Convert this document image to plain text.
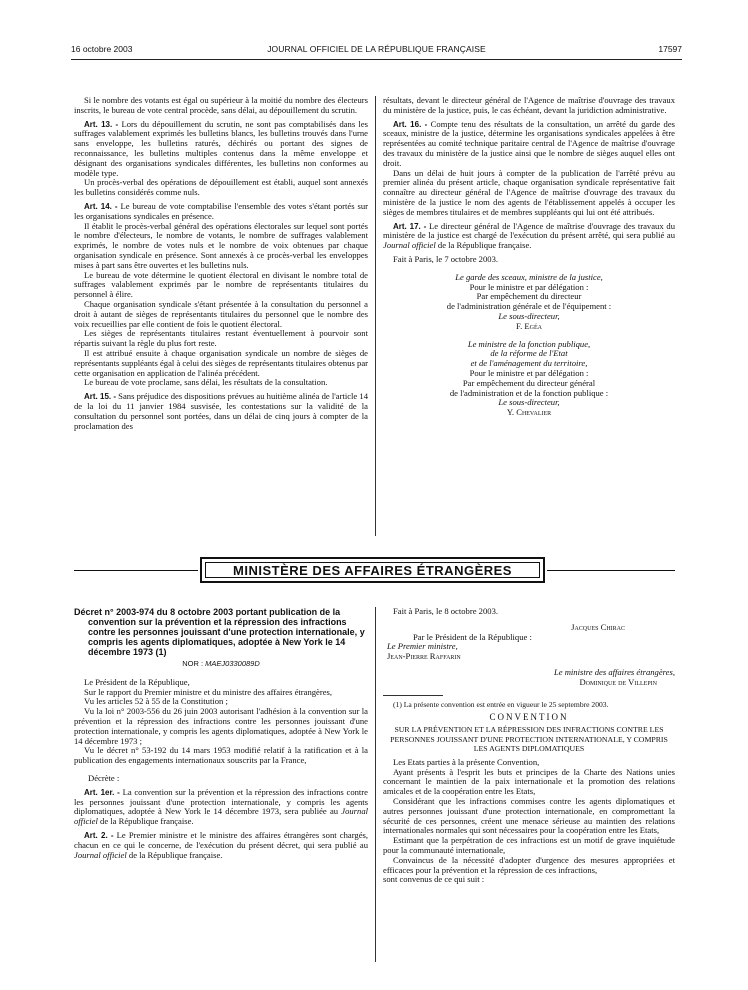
16 octobre 2003	JOURNAL OFFICIEL DE LA RÉPUBLIQUE FRANÇAISE	17597

Si le nombre des votants est égal ou supérieur à la moitié du nombre des électeurs inscrits, le bureau de vote central procède, sans délai, au dépouillement du scrutin.

Art. 13. - Lors du dépouillement du scrutin, ne sont pas comptabilisés dans les suffrages valablement exprimés les bulletins blancs, les bulletins trouvés dans l'urne sans enveloppe, les bulletins raturés, déchirés ou portant des signes de reconnaissance, les bulletins multiples contenus dans la même enveloppe et désignant des organisations syndicales différentes, les bulletins non conformes au modèle type.

Un procès-verbal des opérations de dépouillement est établi, auquel sont annexés les bulletins considérés comme nuls.

Art. 14. - Le bureau de vote comptabilise l'ensemble des votes s'étant portés sur les organisations syndicales en présence.

Il établit le procès-verbal général des opérations électorales sur lequel sont portés le nombre d'électeurs, le nombre de votants, le nombre de suffrages valablement exprimés, le nombre de votes nuls et le nombre de voix obtenues par chaque organisation syndicale en présence. Sont annexés à ce procès-verbal les enveloppes mises à part sans être ouvertes et les bulletins nuls.

Le bureau de vote détermine le quotient électoral en divisant le nombre total de suffrages valablement exprimés par le nombre de représentants titulaires du personnel à élire.

Chaque organisation syndicale s'étant présentée à la consultation du personnel a droit à autant de sièges de représentants titulaires du personnel que le nombre des voix recueillies par elle contient de fois le quotient électoral.

Les sièges de représentants titulaires restant éventuellement à pourvoir sont répartis suivant la règle du plus fort reste.

Il est attribué ensuite à chaque organisation syndicale un nombre de sièges de représentants suppléants égal à celui des sièges de représentants titulaires obtenus par cette organisation en application de l'alinéa précédent.

Le bureau de vote proclame, sans délai, les résultats de la consultation.

Art. 15. - Sans préjudice des dispositions prévues au huitième alinéa de l'article 14 de la loi du 11 janvier 1984 susvisée, les contestations sur la validité de la consultation du personnel sont portées, dans un délai de cinq jours à compter de la proclamation des

résultats, devant le directeur général de l'Agence de maîtrise d'ouvrage des travaux du ministère de la justice, puis, le cas échéant, devant la juridiction administrative.

Art. 16. - Compte tenu des résultats de la consultation, un arrêté du garde des sceaux, ministre de la justice, détermine les organisations syndicales appelées à être représentées au comité technique paritaire central de l'Agence de maîtrise d'ouvrage des travaux du ministère de la justice ainsi que le nombre de sièges auquel elles ont droit.

Dans un délai de huit jours à compter de la publication de l'arrêté prévu au premier alinéa du présent article, chaque organisation syndicale représentative fait connaître au directeur général de l'Agence de maîtrise d'ouvrage des travaux du ministère de la justice le nom des agents de l'établissement appelés à occuper les sièges de membres titulaires et de membres suppléants qui lui ont été attribués.

Art. 17. - Le directeur général de l'Agence de maîtrise d'ouvrage des travaux du ministère de la justice est chargé de l'exécution du présent arrêté, qui sera publié au Journal officiel de la République française.

Fait à Paris, le 7 octobre 2003.

Le garde des sceaux, ministre de la justice,
Pour le ministre et par délégation :
Par empêchement du directeur
de l'administration générale et de l'équipement :
Le sous-directeur,
F. Egéa
Le ministre de la fonction publique,
de la réforme de l'Etat
et de l'aménagement du territoire,
Pour le ministre et par délégation :
Par empêchement du directeur général
de l'administration et de la fonction publique :
Le sous-directeur,
Y. Chevalier
MINISTÈRE DES AFFAIRES ÉTRANGÈRES
Décret n° 2003-974 du 8 octobre 2003 portant publication de la convention sur la prévention et la répression des infractions contre les personnes jouissant d'une protection internationale, y compris les agents diplomatiques, adoptée à New York le 14 décembre 1973 (1)
NOR : MAEJ0330089D

Le Président de la République,

Sur le rapport du Premier ministre et du ministre des affaires étrangères,

Vu les articles 52 à 55 de la Constitution ;

Vu la loi n° 2003-556 du 26 juin 2003 autorisant l'adhésion à la convention sur la prévention et la répression des infractions contre les personnes jouissant d'une protection internationale, y compris les agents diplomatiques, adoptée à New York le 14 décembre 1973 ;

Vu le décret n° 53-192 du 14 mars 1953 modifié relatif à la ratification et à la publication des engagements internationaux souscrits par la France,

Décrète :

Art. 1er. - La convention sur la prévention et la répression des infractions contre les personnes jouissant d'une protection internationale, y compris les agents diplomatiques, adoptée à New York le 14 décembre 1973, sera publiée au Journal officiel de la République française.

Art. 2. - Le Premier ministre et le ministre des affaires étrangères sont chargés, chacun en ce qui le concerne, de l'exécution du présent décret, qui sera publié au Journal officiel de la République française.

Fait à Paris, le 8 octobre 2003.

Jacques Chirac
Par le Président de la République :
Le Premier ministre,
Jean-Pierre Raffarin
Le ministre des affaires étrangères,
Dominique de Villepin

(1) La présente convention est entrée en vigueur le 25 septembre 2003.

CONVENTION
SUR LA PRÉVENTION ET LA RÉPRESSION DES INFRACTIONS CONTRE LES PERSONNES JOUISSANT D'UNE PROTECTION INTERNATIONALE, Y COMPRIS LES AGENTS DIPLOMATIQUES

Les Etats parties à la présente Convention,

Ayant présents à l'esprit les buts et principes de la Charte des Nations unies concernant le maintien de la paix internationale et la promotion des relations amicales et de la coopération entre les Etats,

Considérant que les infractions commises contre les agents diplomatiques et autres personnes jouissant d'une protection internationale, en compromettant la sécurité de ces personnes, créent une menace sérieuse au maintien des relations internationales normales qui sont nécessaires pour la coopération entre les Etats,

Estimant que la perpétration de ces infractions est un motif de grave inquiétude pour la communauté internationale,

Convaincus de la nécessité d'adopter d'urgence des mesures appropriées et efficaces pour la prévention et la répression de ces infractions,

sont convenus de ce qui suit :
